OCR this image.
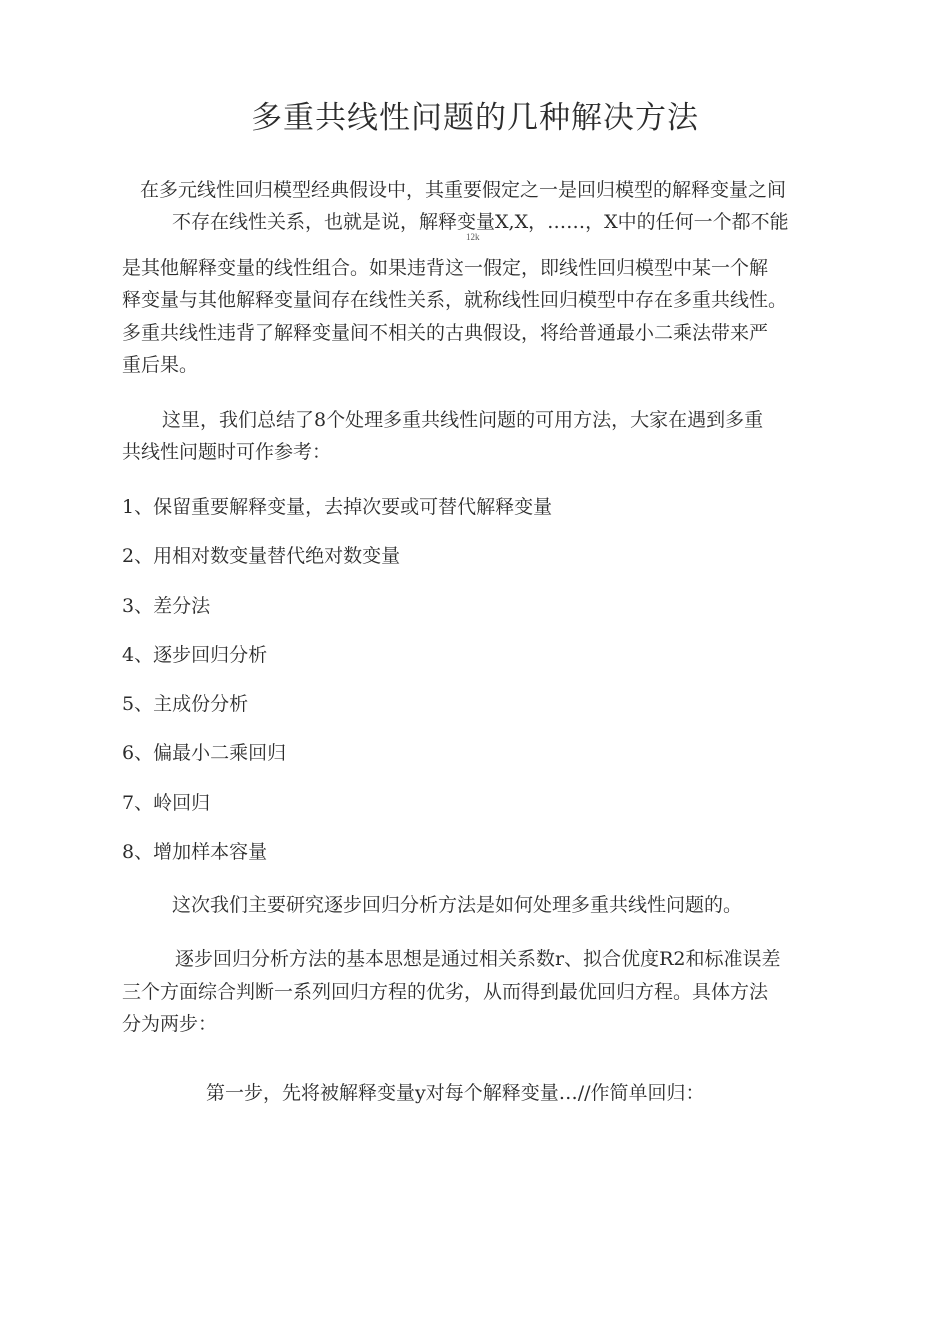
多重共线性问题的几种解决方法
在多元线性回归模型经典假设中，其重要假定之一是回归模型的解释变量之间
不存在线性关系，也就是说，解释变量X,X，……，X中的任何一个都不能
12k
是其他解释变量的线性组合。如果违背这一假定，即线性回归模型中某一个解
释变量与其他解释变量间存在线性关系，就称线性回归模型中存在多重共线性。
多重共线性违背了解释变量间不相关的古典假设，将给普通最小二乘法带来严
重后果。
这里，我们总结了8个处理多重共线性问题的可用方法，大家在遇到多重
共线性问题时可作参考：
1、保留重要解释变量，去掉次要或可替代解释变量
2、用相对数变量替代绝对数变量
3、差分法
4、逐步回归分析
5、主成份分析
6、偏最小二乘回归
7、岭回归
8、增加样本容量
这次我们主要研究逐步回归分析方法是如何处理多重共线性问题的。
逐步回归分析方法的基本思想是通过相关系数r、拟合优度R2和标准误差
三个方面综合判断一系列回归方程的优劣，从而得到最优回归方程。具体方法
分为两步：
第一步，先将被解释变量y对每个解释变量…//作简单回归：
